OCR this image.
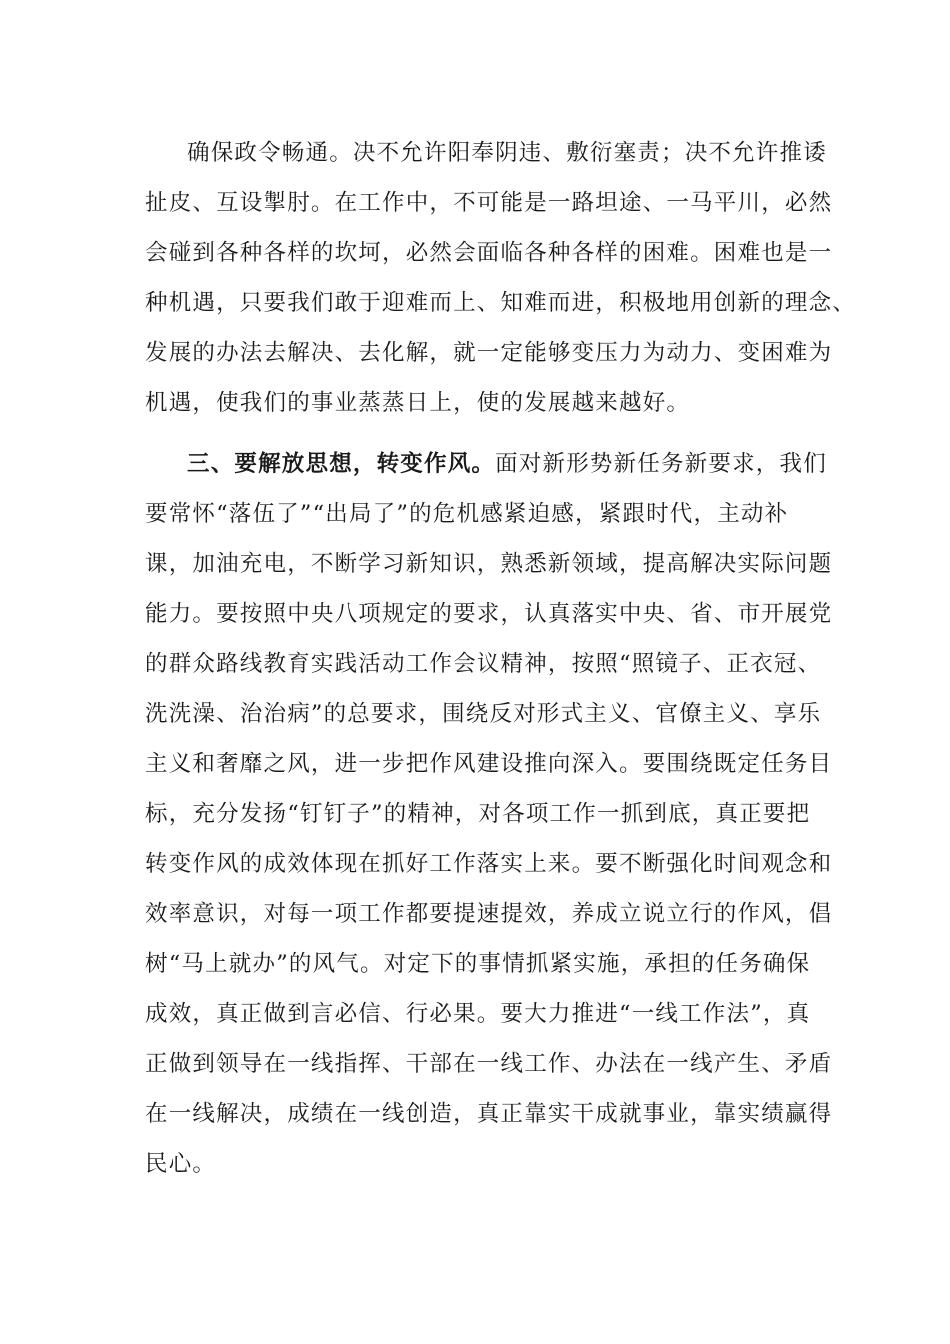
确保政令畅通。决不允许阳奉阴违、敷衍塞责；决不允许推诿
扯皮、互设掣肘。在工作中，不可能是一路坦途、一马平川，必然
会碰到各种各样的坎坷，必然会面临各种各样的困难。困难也是一
种机遇，只要我们敢于迎难而上、知难而进，积极地用创新的理念、
发展的办法去解决、去化解，就一定能够变压力为动力、变困难为
机遇，使我们的事业蒸蒸日上，使的发展越来越好。
三、要解放思想，转变作风。面对新形势新任务新要求，我们
要常怀“落伍了”“出局了”的危机感紧迫感，紧跟时代，主动补
课，加油充电，不断学习新知识，熟悉新领域，提高解决实际问题
能力。要按照中央八项规定的要求，认真落实中央、省、市开展党
的群众路线教育实践活动工作会议精神，按照“照镜子、正衣冠、
洗洗澡、治治病”的总要求，围绕反对形式主义、官僚主义、享乐
主义和奢靡之风，进一步把作风建设推向深入。要围绕既定任务目
标，充分发扬“钉钉子”的精神，对各项工作一抓到底，真正要把
转变作风的成效体现在抓好工作落实上来。要不断强化时间观念和
效率意识，对每一项工作都要提速提效，养成立说立行的作风，倡
树“马上就办”的风气。对定下的事情抓紧实施，承担的任务确保
成效，真正做到言必信、行必果。要大力推进“一线工作法”，真
正做到领导在一线指挥、干部在一线工作、办法在一线产生、矛盾
在一线解决，成绩在一线创造，真正靠实干成就事业，靠实绩赢得
民心。
